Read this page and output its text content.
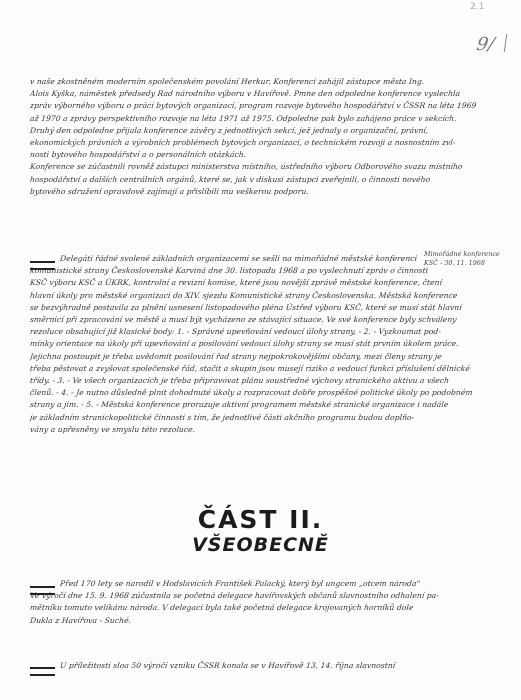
2.1
9/
v naše zkostněném moderním společenském povolání Herkur. Konferenci zahájil zástupce města Ing.
Alois Kyška, náměstek předsedy Rad národního výboru v Havířově. Pmne den odpoledne konference vyslechla
zpráv výborného výboru o práci bytových organizací, program rozvoje bytového hospodářství v ČSSR na léta 1969
až 1970 a zprávy perspektivního rozvoje na léta 1971 až 1975. Odpoledne pak bylo zahájeno práce v sekcích.
Druhý den odpoledne přijala konference závěry z jednotlivých sekcí, jež jednaly o organizační, právní,
ekonomických právních a výrobních problémech bytových organizací, o technickém rozvoji a nosnostním zvl-
nosti bytového hospodářství a o personálních otázkách.
Konference se zúčastnili rovněž zástupci ministerstva místního, ústředního výboru Odborového svazu místního
hospodářství a dalších centrálních orgánů, které se, jak v diskusi zástupci zveřejnili, o činnosti nového
bytového sdružení opravdově zajímají a přislíbili mu veškerou podporu.
Delegáti řádné svolené základních organizacemi se sešli na mimořádné městské konferenci
komunistické strany Československé Karviná dne 30. listopadu 1968 a po vyslechnutí zpráv o činnosti
KSČ výboru KSČ a ÚKRK, kontrolní a revizní komise, které jsou novější zprávě městské konference, čtení
hlavní úkoly pro městské organizaci do XIV. sjezdu Komunistické strany Československa. Městská konference
se bezvýhradně postavila za plnění usnesení listopadového pléna Ústřed výboru KSČ, které se musí stát hlavní
směrnicí při zpracování ve městě a musí být vycházeno ze stávající situace. Ve své konference byly schváleny
rezoluce obsahující již klasické body: 1. - Správné upevňování vedoucí úlohy strany, - 2. - Vyzkoumat pod-
mínky orientace na úkoly při upevňování a posilování vedoucí úlohy strany se musí stát prvním úkolem práce.
Jejichna postoupit je třeba uvědomit posilování řad strany nejpokrokovějšími občany, mezi členy strany je
třeba pěstovat a zvyšovat společenské řád, stačit a skupin jsou musejí riziko a vedoucí funkci příslušení dělnické
třídy. - 3. - Ve všech organizacích je třeba připravovat plánu soustředné výchovy stranického aktivu a všech
členů. - 4. - Je nutno důsledně plnit dohodnuté úkoly a rozpracovat dobře prospěšné politické úkoly po podobném
strany a jim. - 5. - Městská konference prorazuje aktivní programem městské stranické organizace i nadále
je základním stranickopolitické činnosti s tím, že jednotlivé části akčního programu budou doplňo-
vány a upřesněny ve smyslu této rezoluce.
Mimořádné konference
KSČ - 30. 11. 1968
ČÁST II.
VŠEOBECNĚ
Před 170 lety se narodil v Hodslavicích František Palacký, který byl ungcem „otcem národa"
Ve výročí dne 15. 9. 1968 zúčastnila se početná delegace havířovských občanů slavnostního odhalení pa-
mětníku tomuto velikánu národa. V delegaci byla také početná delegace krojovaných horníků dole
Dukla z Havířova - Suché.
U příležitosti sloa 50 výročí vzniku ČSSR konala se v Havířově 13, 14. října slavnostní
